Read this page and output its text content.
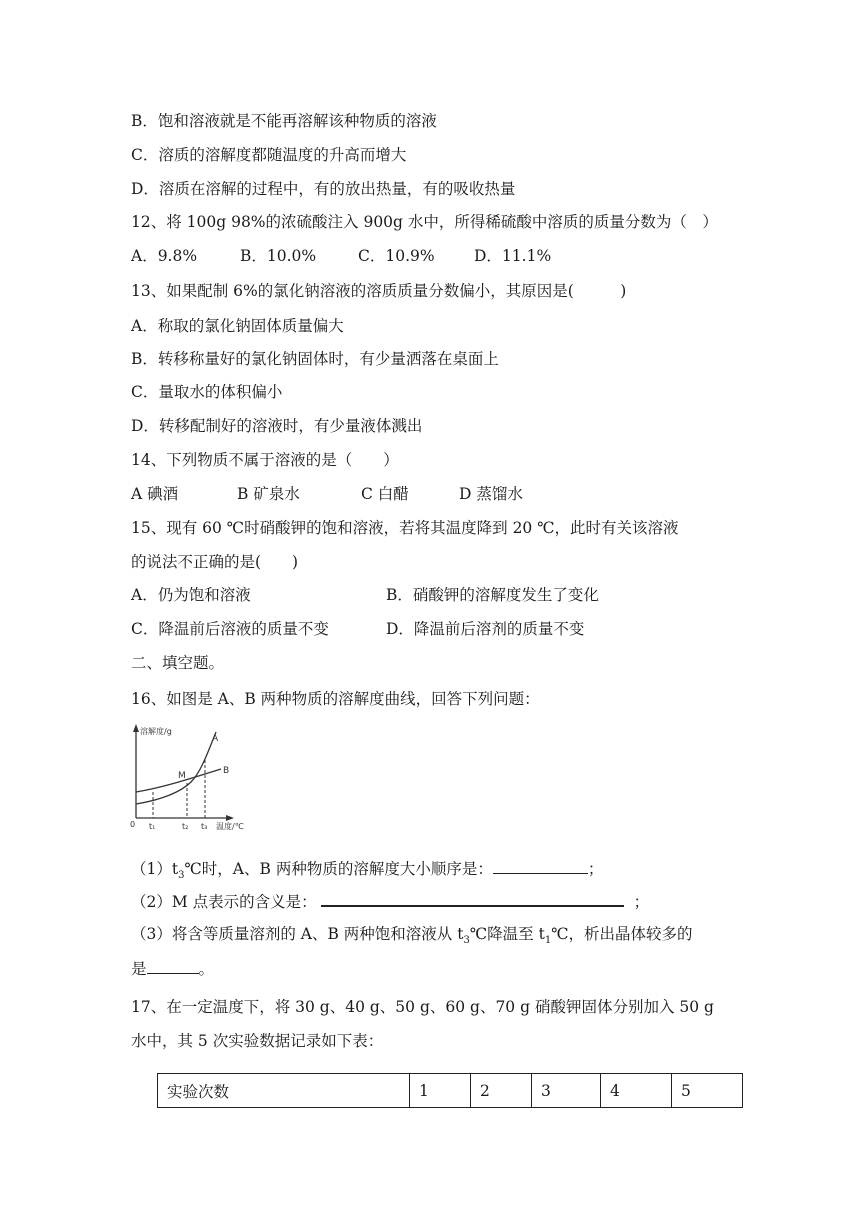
B．饱和溶液就是不能再溶解该种物质的溶液
C．溶质的溶解度都随温度的升高而增大
D．溶质在溶解的过程中，有的放出热量，有的吸收热量
12、将 100g 98%的浓硫酸注入 900g 水中，所得稀硫酸中溶质的质量分数为（　）
A．9.8%	B．10.0%	C．10.9%	D．11.1%
13、如果配制 6%的氯化钠溶液的溶质质量分数偏小，其原因是(　　　)
A．称取的氯化钠固体质量偏大
B．转移称量好的氯化钠固体时，有少量洒落在桌面上
C．量取水的体积偏小
D．转移配制好的溶液时，有少量液体溅出
14、下列物质不属于溶液的是（　　）
A 碘酒	B 矿泉水	C 白醋	D 蒸馏水
15、现有 60 ℃时硝酸钾的饱和溶液，若将其温度降到 20 ℃，此时有关该溶液
的说法不正确的是(　　)
A．仍为饱和溶液	B．硝酸钾的溶解度发生了变化
C．降温前后溶液的质量不变	D．降温前后溶剂的质量不变
二、填空题。
16、如图是 A、B 两种物质的溶解度曲线，回答下列问题：
溶解度/g
0 t₁	t₂ t₃ 温度/℃
A
B
M
$(1)t_3℃$时，A、B 两种物质的溶解度大小顺序是：	；
（2）M 点表示的含义是：	；
（3）将含等质量溶剂的 A、B 两种饱和溶液从 $t_3℃$降温至 $t_1℃$，析出晶体较多的
是	。
17、在一定温度下，将 30 g、40 g、50 g、60 g、70 g 硝酸钾固体分别加入 50 g
水中，其 5 次实验数据记录如下表：
实验次数	1	2	3	4	5
